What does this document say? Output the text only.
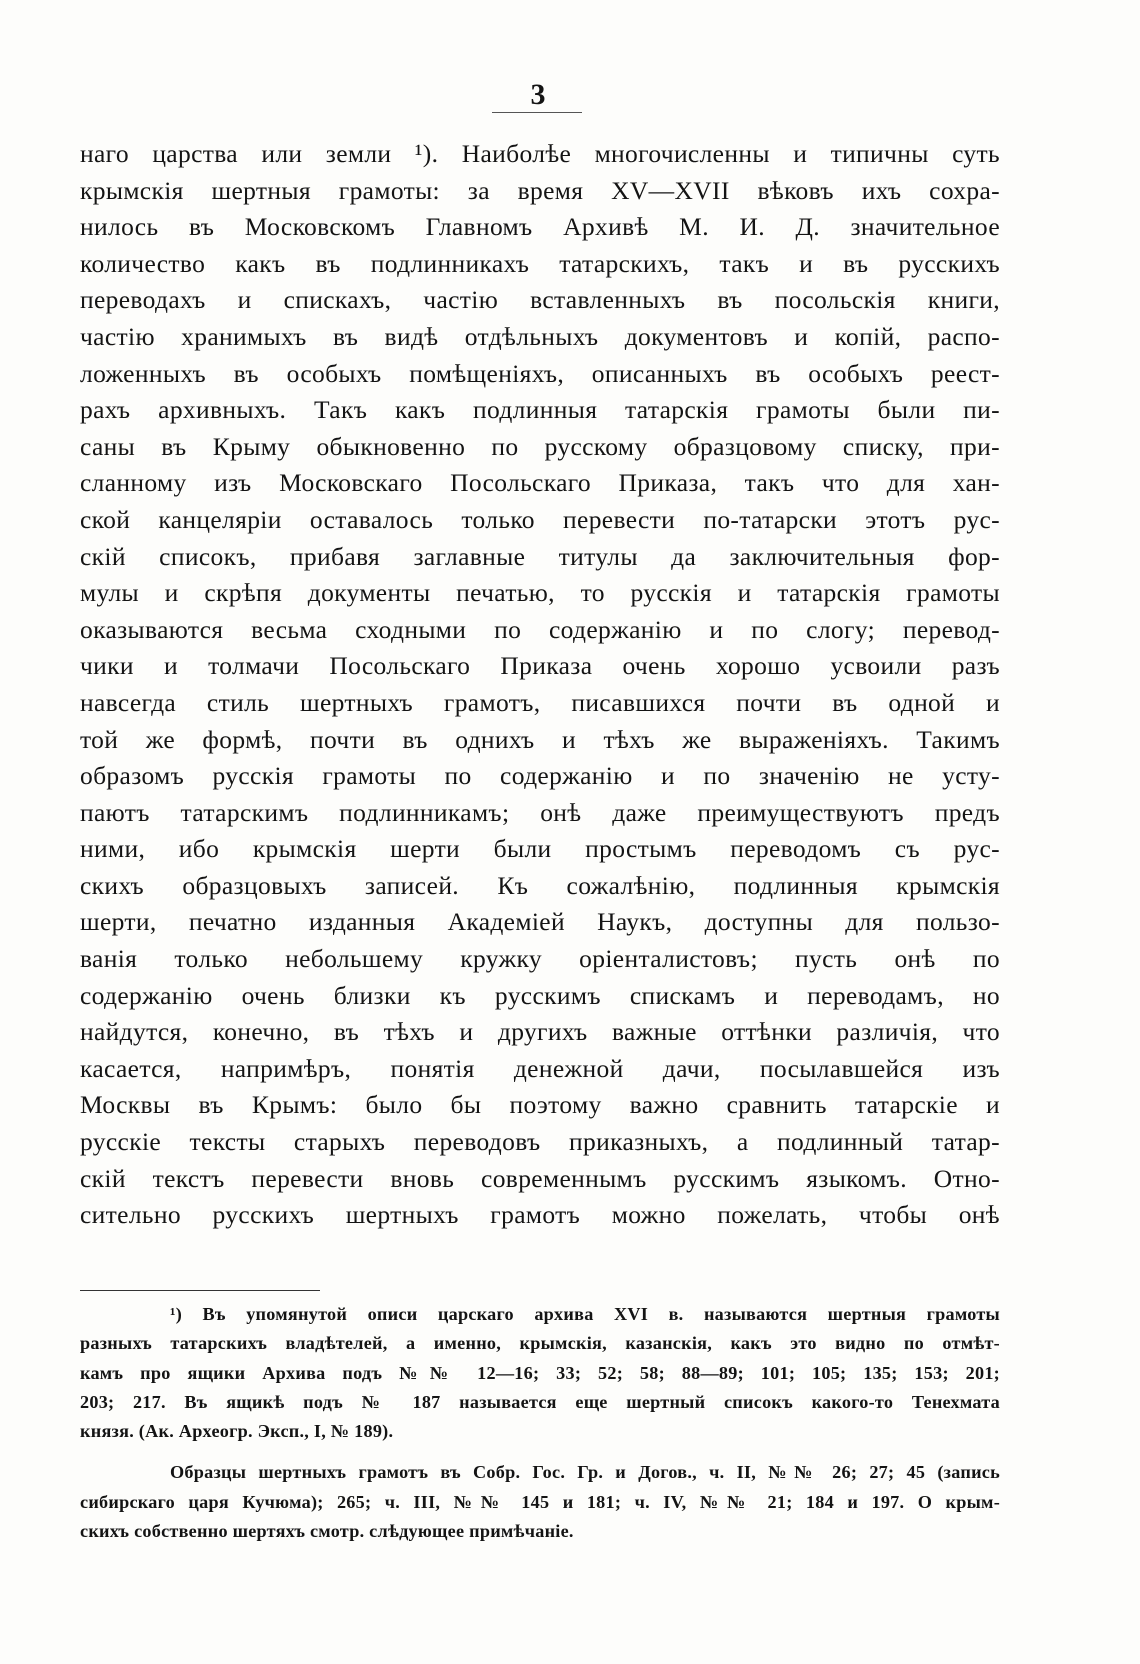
3
наго царства или земли ¹). Наиболѣе многочисленны и типичны суть
крымскія шертныя грамоты: за время XV—XVII вѣковъ ихъ сохра-
нилось въ Московскомъ Главномъ Архивѣ М. И. Д. значительное
количество какъ въ подлинникахъ татарскихъ, такъ и въ русскихъ
переводахъ и спискахъ, частію вставленныхъ въ посольскія книги,
частію хранимыхъ въ видѣ отдѣльныхъ документовъ и копій, распо-
ложенныхъ въ особыхъ помѣщеніяхъ, описанныхъ въ особыхъ реест-
рахъ архивныхъ. Такъ какъ подлинныя татарскія грамоты были пи-
саны въ Крыму обыкновенно по русскому образцовому списку, при-
сланному изъ Московскаго Посольскаго Приказа, такъ что для хан-
ской канцеляріи оставалось только перевести по-татарски этотъ рус-
скій списокъ, прибавя заглавные титулы да заключительныя фор-
мулы и скрѣпя документы печатью, то русскія и татарскія грамоты
оказываются весьма сходными по содержанію и по слогу; перевод-
чики и толмачи Посольскаго Приказа очень хорошо усвоили разъ
навсегда стиль шертныхъ грамотъ, писавшихся почти въ одной и
той же формѣ, почти въ однихъ и тѣхъ же выраженіяхъ. Такимъ
образомъ русскія грамоты по содержанію и по значенію не усту-
паютъ татарскимъ подлинникамъ; онѣ даже преимуществуютъ предъ
ними, ибо крымскія шерти были простымъ переводомъ съ рус-
скихъ образцовыхъ записей. Къ сожалѣнію, подлинныя крымскія
шерти, печатно изданныя Академіей Наукъ, доступны для пользо-
ванія только небольшему кружку оріенталистовъ; пусть онѣ по
содержанію очень близки къ русскимъ спискамъ и переводамъ, но
найдутся, конечно, въ тѣхъ и другихъ важные оттѣнки различія, что
касается, напримѣръ, понятія денежной дачи, посылавшейся изъ
Москвы въ Крымъ: было бы поэтому важно сравнить татарскіе и
русскіе тексты старыхъ переводовъ приказныхъ, а подлинный татар-
скій текстъ перевести вновь современнымъ русскимъ языкомъ. Отно-
сительно русскихъ шертныхъ грамотъ можно пожелать, чтобы онѣ
¹) Въ упомянутой описи царскаго архива XVI в. называются шертныя грамоты
разныхъ татарскихъ владѣтелей, а именно, крымскія, казанскія, какъ это видно по отмѣт-
камъ про ящики Архива подъ №№ 12—16; 33; 52; 58; 88—89; 101; 105; 135; 153; 201;
203; 217. Въ ящикѣ подъ № 187 называется еще шертный списокъ какого-то Тенехмата
князя. (Ак. Археогр. Эксп., I, № 189).
Образцы шертныхъ грамотъ въ Собр. Гос. Гр. и Догов., ч. II, №№ 26; 27; 45 (запись
сибирскаго царя Кучюма); 265; ч. III, №№ 145 и 181; ч. IV, №№ 21; 184 и 197. О крым-
скихъ собственно шертяхъ смотр. слѣдующее примѣчаніе.
